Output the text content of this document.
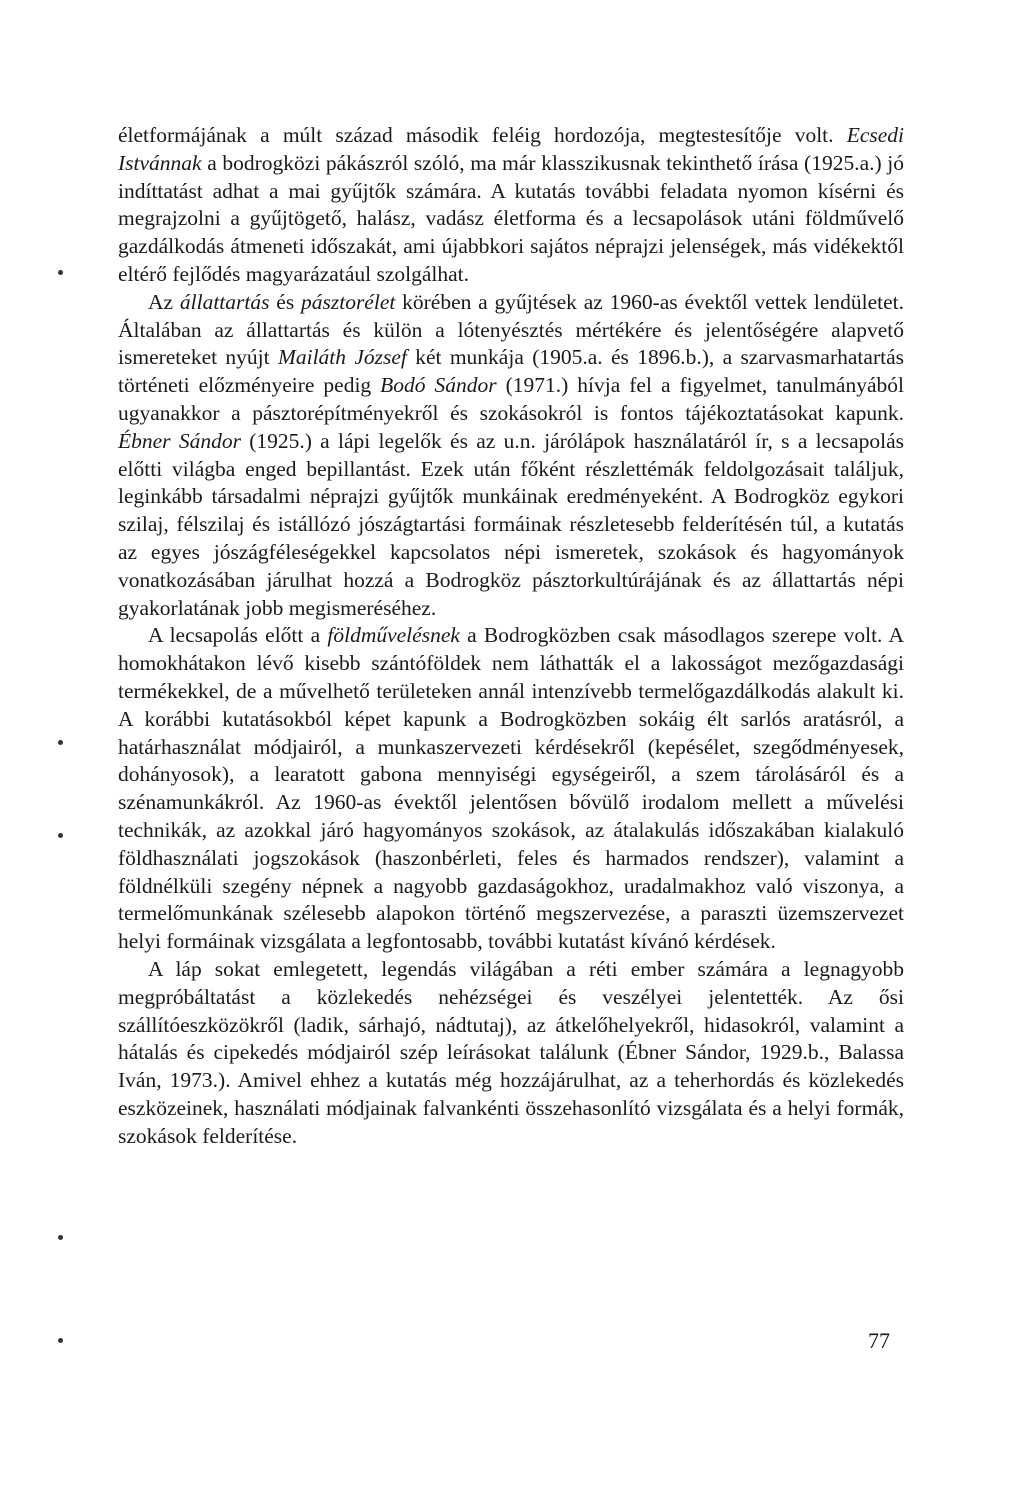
életformájának a múlt század második feléig hordozója, megtestesítője volt. Ecsedi Istvánnak a bodrogközi pákászról szóló, ma már klasszikusnak tekinthető írása (1925.a.) jó indíttatást adhat a mai gyűjtők számára. A kutatás további feladata nyomon kísérni és megrajzolni a gyűjtögető, halász, vadász életforma és a lecsapolások utáni földművelő gazdálkodás átmeneti időszakát, ami újabbkori sajátos néprajzi jelenségek, más vidékektől eltérő fejlődés magyarázatául szolgálhat.

Az állattartás és pásztorélet körében a gyűjtések az 1960-as évektől vettek lendületet. Általában az állattartás és külön a lótenyésztés mértékére és jelentőségére alapvető ismereteket nyújt Mailáth József két munkája (1905.a. és 1896.b.), a szarvasmarhatartás történeti előzményeire pedig Bodó Sándor (1971.) hívja fel a figyelmet, tanulmányából ugyanakkor a pásztorépítményekről és szokásokról is fontos tájékoztatásokat kapunk. Ébner Sándor (1925.) a lápi legelők és az u.n. járólápok használatáról ír, s a lecsapolás előtti világba enged bepillantást. Ezek után főként részlettémák feldolgozásait találjuk, leginkább társadalmi néprajzi gyűjtők munkáinak eredményeként. A Bodrogköz egykori szilaj, félszilaj és istállózó jószágtartási formáinak részletesebb felderítésén túl, a kutatás az egyes jószágféleségekkel kapcsolatos népi ismeretek, szokások és hagyományok vonatkozásában járulhat hozzá a Bodrogköz pásztorkultúrájának és az állattartás népi gyakorlatának jobb megismeréséhez.

A lecsapolás előtt a földművelésnek a Bodrogközben csak másodlagos szerepe volt. A homokhátakon lévő kisebb szántóföldek nem láthatták el a lakosságot mezőgazdasági termékekkel, de a művelhető területeken annál intenzívebb termelőgazdálkodás alakult ki. A korábbi kutatásokból képet kapunk a Bodrogközben sokáig élt sarlós aratásról, a határhasználat módjairól, a munkaszervezeti kérdésekről (kepésélet, szegődményesek, dohányosok), a learatott gabona mennyiségi egységeiről, a szem tárolásáról és a szénamunkákról. Az 1960-as évektől jelentősen bővülő irodalom mellett a művelési technikák, az azokkal járó hagyományos szokások, az átalakulás időszakában kialakuló földhasználati jogszokások (haszonbérleti, feles és harmados rendszer), valamint a földnélküli szegény népnek a nagyobb gazdaságokhoz, uradalmakhoz való viszonya, a termelőmunkának szélesebb alapokon történő megszervezése, a paraszti üzemszervezet helyi formáinak vizsgálata a legfontosabb, további kutatást kívánó kérdések.

A láp sokat emlegetett, legendás világában a réti ember számára a legnagyobb megpróbáltatást a közlekedés nehézségei és veszélyei jelentették. Az ősi szállítóeszközökről (ladik, sárhajó, nádtutaj), az átkelőhelyekről, hidasokról, valamint a hátalás és cipekedés módjairól szép leírásokat találunk (Ébner Sándor, 1929.b., Balassa Iván, 1973.). Amivel ehhez a kutatás még hozzájárulhat, az a teherhordás és közlekedés eszközeinek, használati módjainak falvankénti összehasonlító vizsgálata és a helyi formák, szokások felderítése.

77
